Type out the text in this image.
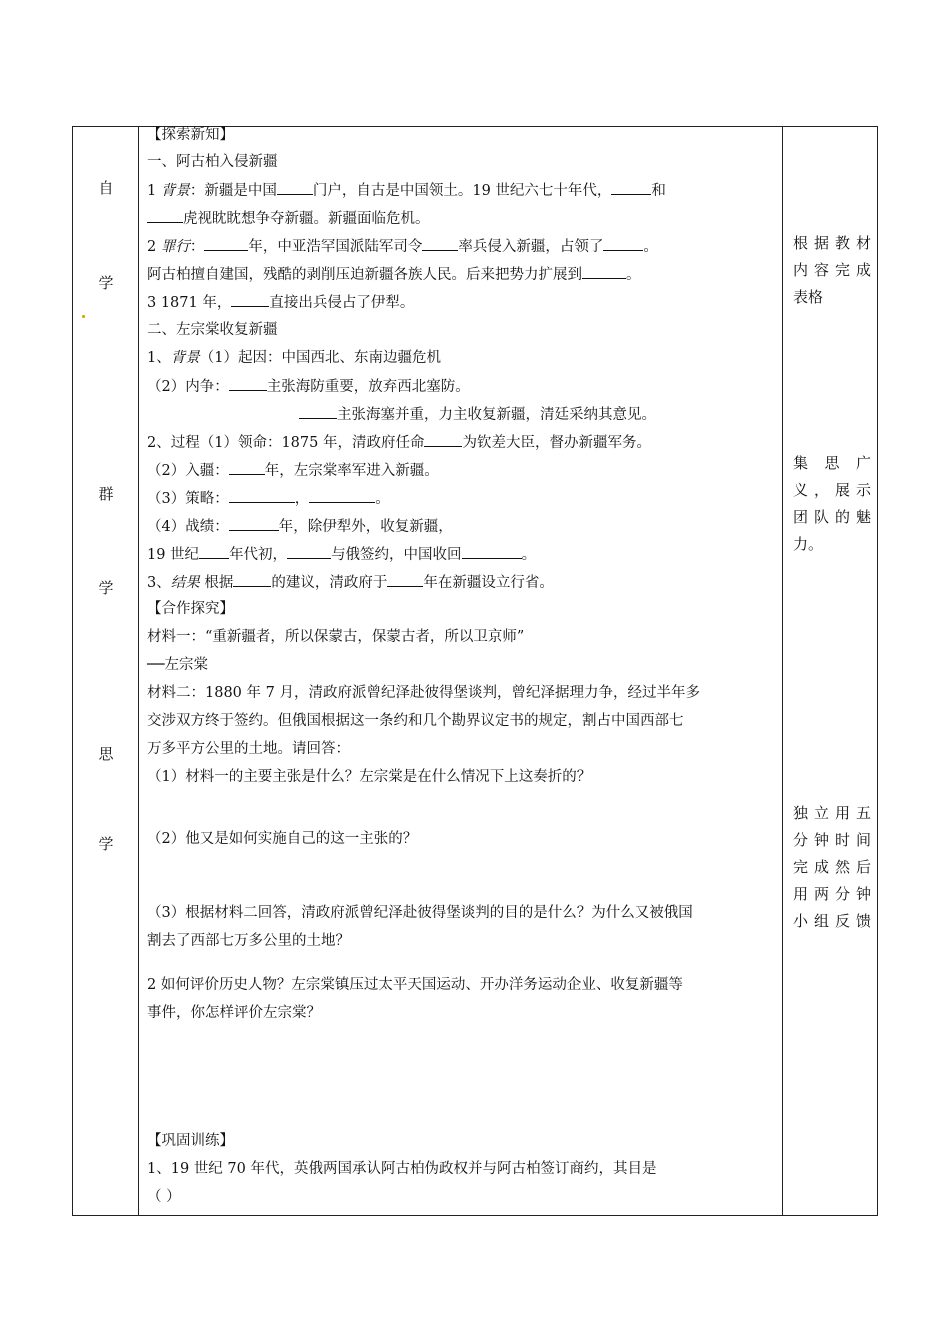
自
学
群
学
思
学
【探索新知】
一、阿古柏入侵新疆
1 背景：新疆是中国 门户，自古是中国领土。19 世纪六七十年代，	和
虎视眈眈想争夺新疆。新疆面临危机。
2 罪行：	年，中亚浩罕国派陆军司令 率兵侵入新疆，占领了	。
阿古柏擅自建国，残酷的剥削压迫新疆各族人民。后来把势力扩展到	。
3 1871 年，	直接出兵侵占了伊犁。
二、左宗棠收复新疆
1、背景（1）起因：中国西北、东南边疆危机
（2）内争：	主张海防重要，放弃西北塞防。
主张海塞并重，力主收复新疆，清廷采纳其意见。
2、过程（1）领命：1875 年，清政府任命	为钦差大臣，督办新疆军务。
（2）入疆： 年，左宗棠率军进入新疆。
（3）策略：	，	。
（4）战绩：	年，除伊犁外，收复新疆，
19 世纪 年代初，	与俄签约，中国收回	。
3、结果 根据	的建议，清政府于 年在新疆设立行省。
【合作探究】
材料一：“重新疆者，所以保蒙古，保蒙古者，所以卫京师”
──左宗棠
材料二：1880 年 7 月，清政府派曾纪泽赴彼得堡谈判，曾纪泽据理力争，经过半年多
交涉双方终于签约。但俄国根据这一条约和几个勘界议定书的规定，割占中国西部七
万多平方公里的土地。请回答：
（1）材料一的主要主张是什么？左宗棠是在什么情况下上这奏折的？
（2）他又是如何实施自己的这一主张的？
（3）根据材料二回答，清政府派曾纪泽赴彼得堡谈判的目的是什么？为什么又被俄国
割去了西部七万多公里的土地？
2 如何评价历史人物？左宗棠镇压过太平天国运动、开办洋务运动企业、收复新疆等
事件，你怎样评价左宗棠？
【巩固训练】
1、19 世纪 70 年代，英俄两国承认阿古柏伪政权并与阿古柏签订商约，其目是
（ ）
根据教材
内容完成
表格
集 思 广
义，展示
团队的魅
力。
独立用五
分钟时间
完成然后
用两分钟
小组反馈
